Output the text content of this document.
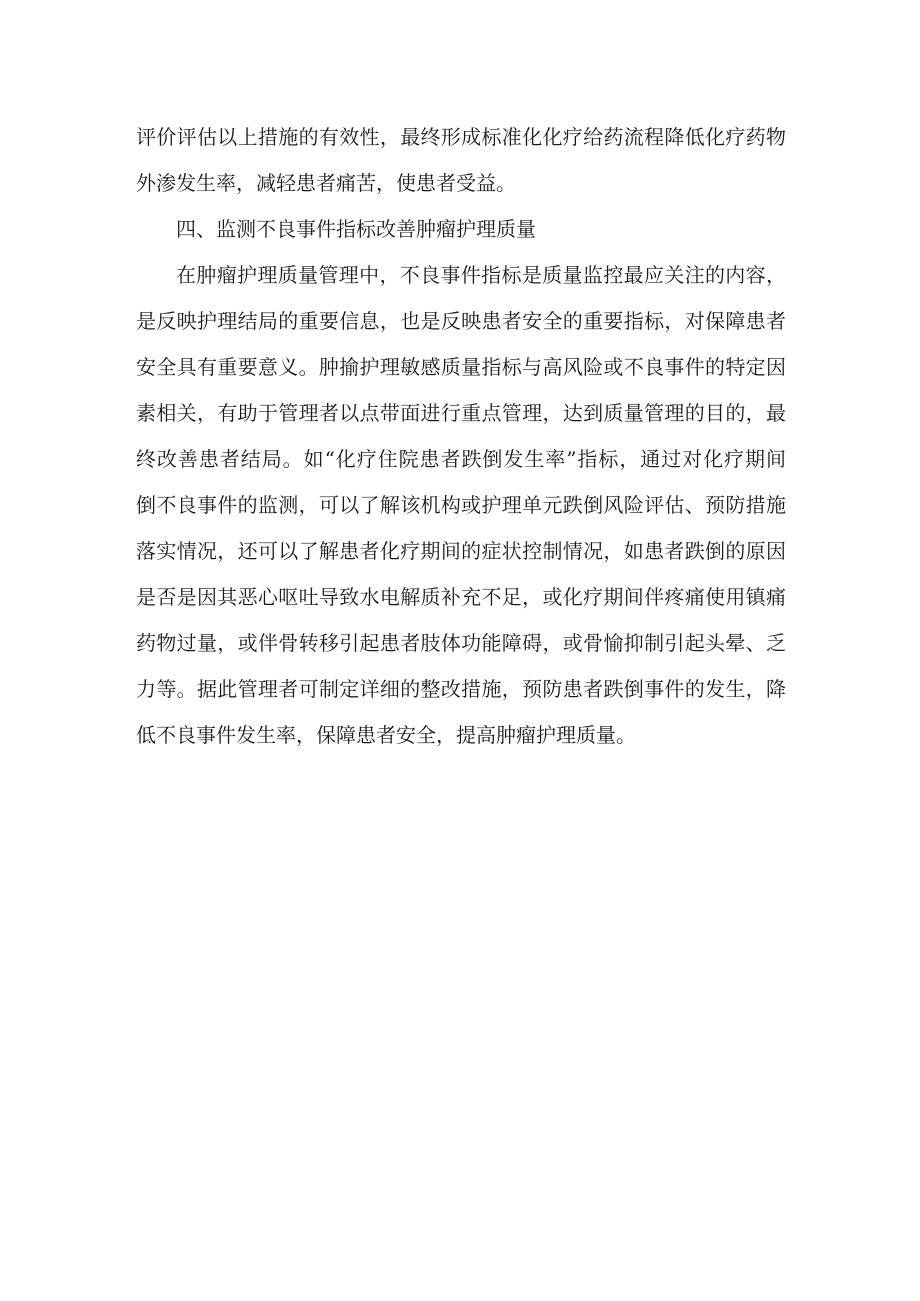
评价评估以上措施的有效性，最终形成标准化化疗给药流程降低化疗药物
外渗发生率，减轻患者痛苦，使患者受益。
四、监测不良事件指标改善肿瘤护理质量
在肿瘤护理质量管理中，不良事件指标是质量监控最应关注的内容，
是反映护理结局的重要信息，也是反映患者安全的重要指标，对保障患者
安全具有重要意义。肿揄护理敏感质量指标与高风险或不良事件的特定因
素相关，有助于管理者以点带面进行重点管理，达到质量管理的目的，最
终改善患者结局。如“化疗住院患者跌倒发生率”指标，通过对化疗期间
倒不良事件的监测，可以了解该机构或护理单元跌倒风险评估、预防措施
落实情况，还可以了解患者化疗期间的症状控制情况，如患者跌倒的原因
是否是因其恶心呕吐导致水电解质补充不足，或化疗期间伴疼痛使用镇痛
药物过量，或伴骨转移引起患者肢体功能障碍，或骨愉抑制引起头晕、乏
力等。据此管理者可制定详细的整改措施，预防患者跌倒事件的发生，降
低不良事件发生率，保障患者安全，提高肿瘤护理质量。
